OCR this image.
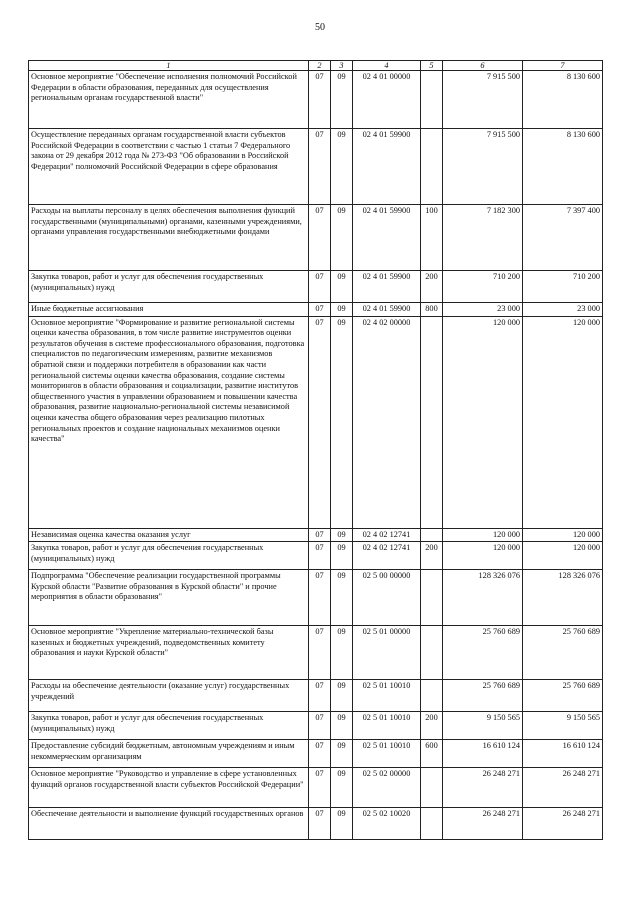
50
1	2	3	4	5	6	7
Основное мероприятие "Обеспечение исполнения полномочий Российской Федерации в области образования, переданных для осуществления региональным органам государственной власти"	07	09	02 4 01 00000		7 915 500	8 130 600
Осуществление переданных органам государственной власти субъектов Российской Федерации в соответствии с частью 1 статьи 7 Федерального закона от 29 декабря 2012 года № 273-ФЗ "Об образовании в Российской Федерации" полномочий Российской Федерации в сфере образования	07	09	02 4 01 59900		7 915 500	8 130 600
Расходы на выплаты персоналу в целях обеспечения выполнения функций государственными (муниципальными) органами, казенными учреждениями, органами управления государственными внебюджетными фондами	07	09	02 4 01 59900	100	7 182 300	7 397 400
Закупка товаров, работ и услуг для обеспечения государственных (муниципальных) нужд	07	09	02 4 01 59900	200	710 200	710 200
Иные бюджетные ассигнования	07	09	02 4 01 59900	800	23 000	23 000
Основное мероприятие "Формирование и развитие региональной системы оценки качества образования, в том числе развитие инструментов оценки результатов обучения в системе профессионального образования, подготовка специалистов по педагогическим измерениям, развитие механизмов обратной связи и поддержки потребителя в образовании как части региональной системы оценки качества образования, создание системы мониторингов в области образования и социализации, развитие институтов общественного участия в управлении образованием и повышении качества образования, развитие национально-региональной системы независимой оценки качества общего образования через реализацию пилотных региональных проектов и создание национальных механизмов оценки качества"	07	09	02 4 02 00000		120 000	120 000
Независимая оценка качества оказания услуг	07	09	02 4 02 12741		120 000	120 000
Закупка товаров, работ и услуг для обеспечения государственных (муниципальных) нужд	07	09	02 4 02 12741	200	120 000	120 000
Подпрограмма "Обеспечение реализации государственной программы Курской области "Развитие образования в Курской области" и прочие мероприятия в области образования"	07	09	02 5 00 00000		128 326 076	128 326 076
Основное мероприятие "Укрепление материально-технической базы казенных и бюджетных учреждений, подведомственных комитету образования и науки Курской области"	07	09	02 5 01 00000		25 760 689	25 760 689
Расходы на обеспечение деятельности (оказание услуг) государственных учреждений	07	09	02 5 01 10010		25 760 689	25 760 689
Закупка товаров, работ и услуг для обеспечения государственных (муниципальных) нужд	07	09	02 5 01 10010	200	9 150 565	9 150 565
Предоставление субсидий бюджетным, автономным учреждениям и иным некоммерческим организациям	07	09	02 5 01 10010	600	16 610 124	16 610 124
Основное мероприятие "Руководство и управление в сфере установленных функций органов государственной власти субъектов Российской Федерации"	07	09	02 5 02 00000		26 248 271	26 248 271
Обеспечение деятельности и выполнение функций государственных органов	07	09	02 5 02 10020		26 248 271	26 248 271
